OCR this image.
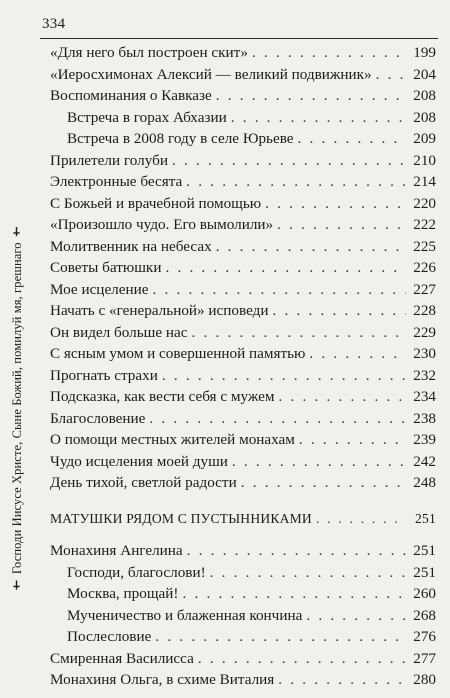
334
✝ Господи Иисусе Христе, Сыне Божий, помилуй мя, грешнаго ✝
«Для него был построен скит» . . .	199
«Иеросхимонах Алексий — великий подвижник» . . .	204
Воспоминания о Кавказе . . .	208
Встреча в горах Абхазии . . .	208
Встреча в 2008 году в селе Юрьеве . . .	209
Прилетели голуби . . .	210
Электронные бесята . . .	214
С Божьей и врачебной помощью . . .	220
«Произошло чудо. Его вымолили» . . .	222
Молитвенник на небесах . . .	225
Советы батюшки . . .	226
Мое исцеление . . .	227
Начать с «генеральной» исповеди . . .	228
Он видел больше нас . . .	229
С ясным умом и совершенной памятью . . .	230
Прогнать страхи . . .	232
Подсказка, как вести себя с мужем . . .	234
Благословение . . .	238
О помощи местных жителей монахам . . .	239
Чудо исцеления моей души . . .	242
День тихой, светлой радости . . .	248
МАТУШКИ РЯДОМ С ПУСТЫННИКАМИ . . .	251
Монахиня Ангелина . . .	251
Господи, благослови! . . .	251
Москва, прощай! . . .	260
Мученичество и блаженная кончина . . .	268
Послесловие . . .	276
Смиренная Василисса . . .	277
Монахиня Ольга, в схиме Виталия . . .	280
